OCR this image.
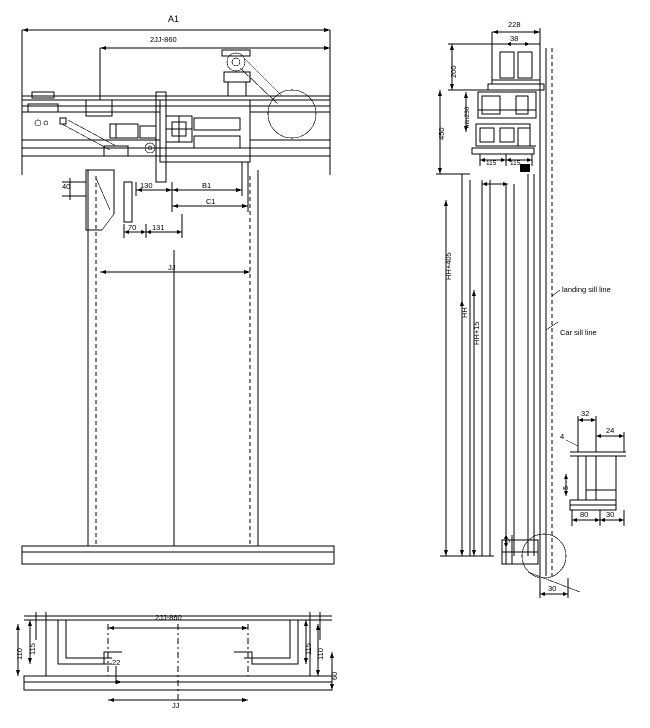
A1
2JJ-860
40	130	B1
C1
70 131
JJ
228
38
200
450
min230
115 115
HH+405
HH
HH+15
landing sill line
Car sill line
5
30
32
24
4
5
80 30
2JJ-860
110 115	115 110
60
22
JJ
